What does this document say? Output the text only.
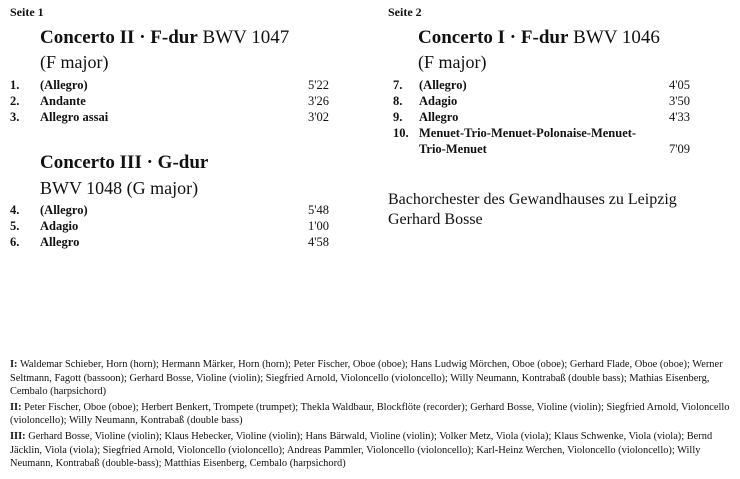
Seite 1
Concerto II · F-dur BWV 1047
(F major)
1. (Allegro)	5'22
2. Andante	3'26
3. Allegro assai	3'02
Concerto III · G-dur
BWV 1048 (G major)
4. (Allegro)	5'48
5. Adagio	1'00
6. Allegro	4'58
Seite 2
Concerto I · F-dur BWV 1046
(F major)
7. (Allegro)	4'05
8. Adagio	3'50
9. Allegro	4'33
10. Menuet-Trio-Menuet-Polonaise-Menuet-
Trio-Menuet	7'09
Bachorchester des Gewandhauses zu Leipzig
Gerhard Bosse

I: Waldemar Schieber, Horn (horn); Hermann Märker, Horn (horn); Peter Fischer, Oboe (oboe); Hans Ludwig Mörchen, Oboe (oboe); Gerhard Flade, Oboe (oboe); Werner Seltmann, Fagott (bassoon); Gerhard Bosse, Violine (violin); Siegfried Arnold, Violoncello (violoncello); Willy Neumann, Kontrabaß (double bass); Mathias Eisenberg, Cembalo (harpsichord)

II: Peter Fischer, Oboe (oboe); Herbert Benkert, Trompete (trumpet); Thekla Waldbaur, Blockflöte (recorder); Gerhard Bosse, Violine (violin); Siegfried Arnold, Violoncello (violoncello); Willy Neumann, Kontrabaß (double bass)

III: Gerhard Bosse, Violine (violin); Klaus Hebecker, Violine (violin); Hans Bärwald, Violine (violin); Volker Metz, Viola (viola); Klaus Schwenke, Viola (viola); Bernd Jäcklin, Viola (viola); Siegfried Arnold, Violoncello (violoncello); Andreas Pammler, Violoncello (violoncello); Karl-Heinz Werchen, Violoncello (violoncello); Willy Neumann, Kontrabaß (double-bass); Matthias Eisenberg, Cembalo (harpsichord)
